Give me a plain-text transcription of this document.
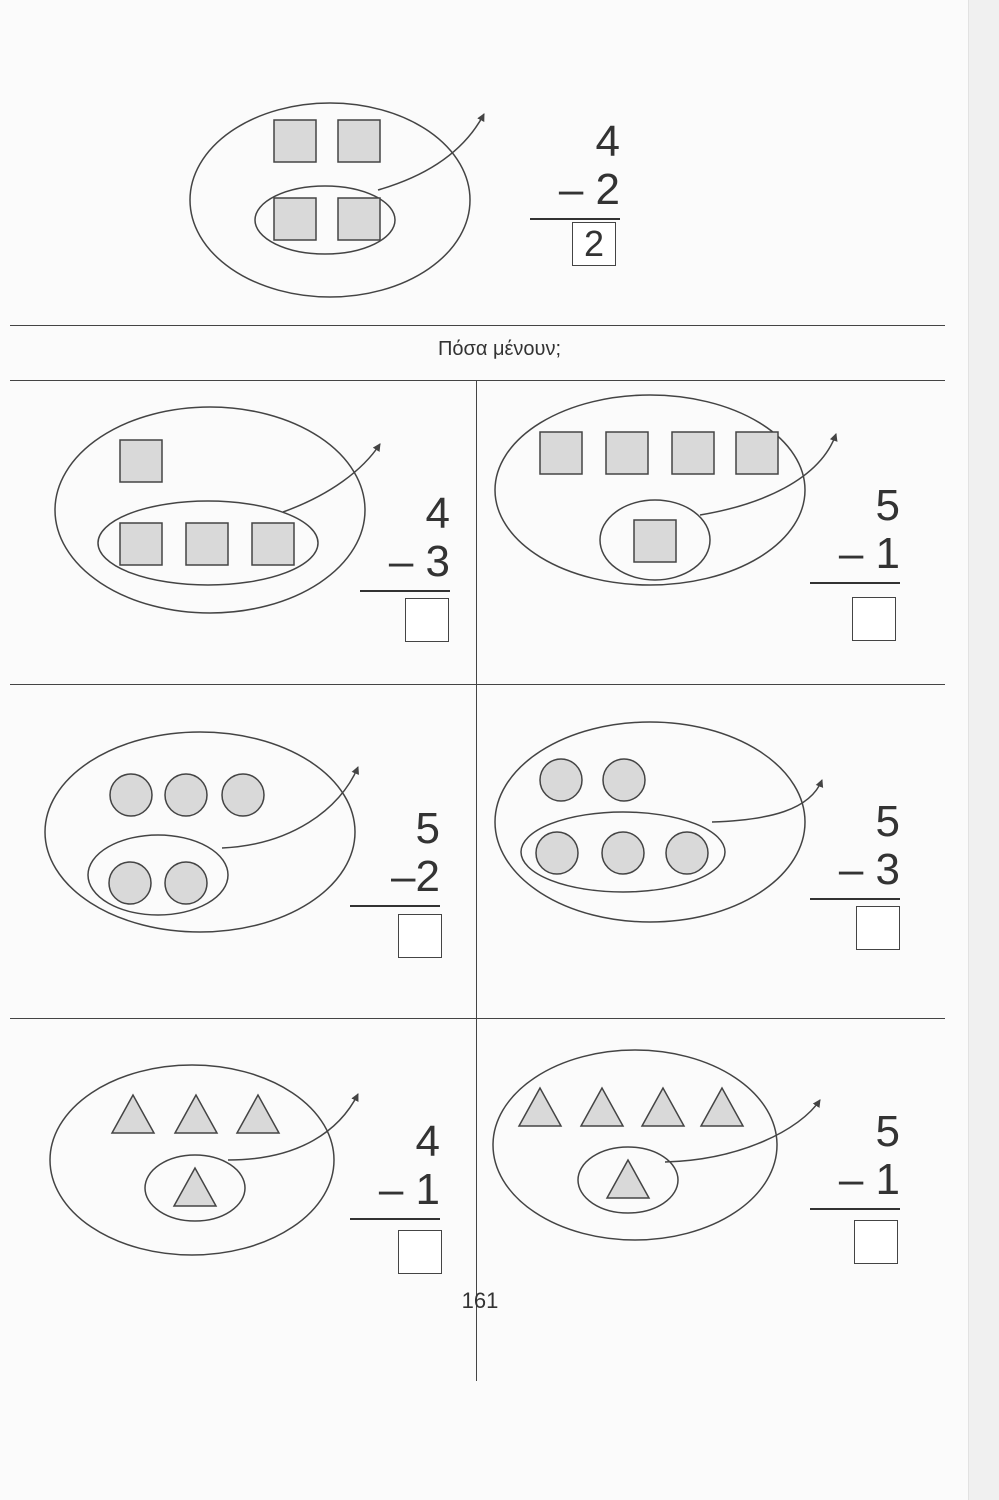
Πόσα μένουν;
4
– 2
2
4
– 3
5
– 1
5
–2
5
– 3
4
– 1
5
– 1
161
